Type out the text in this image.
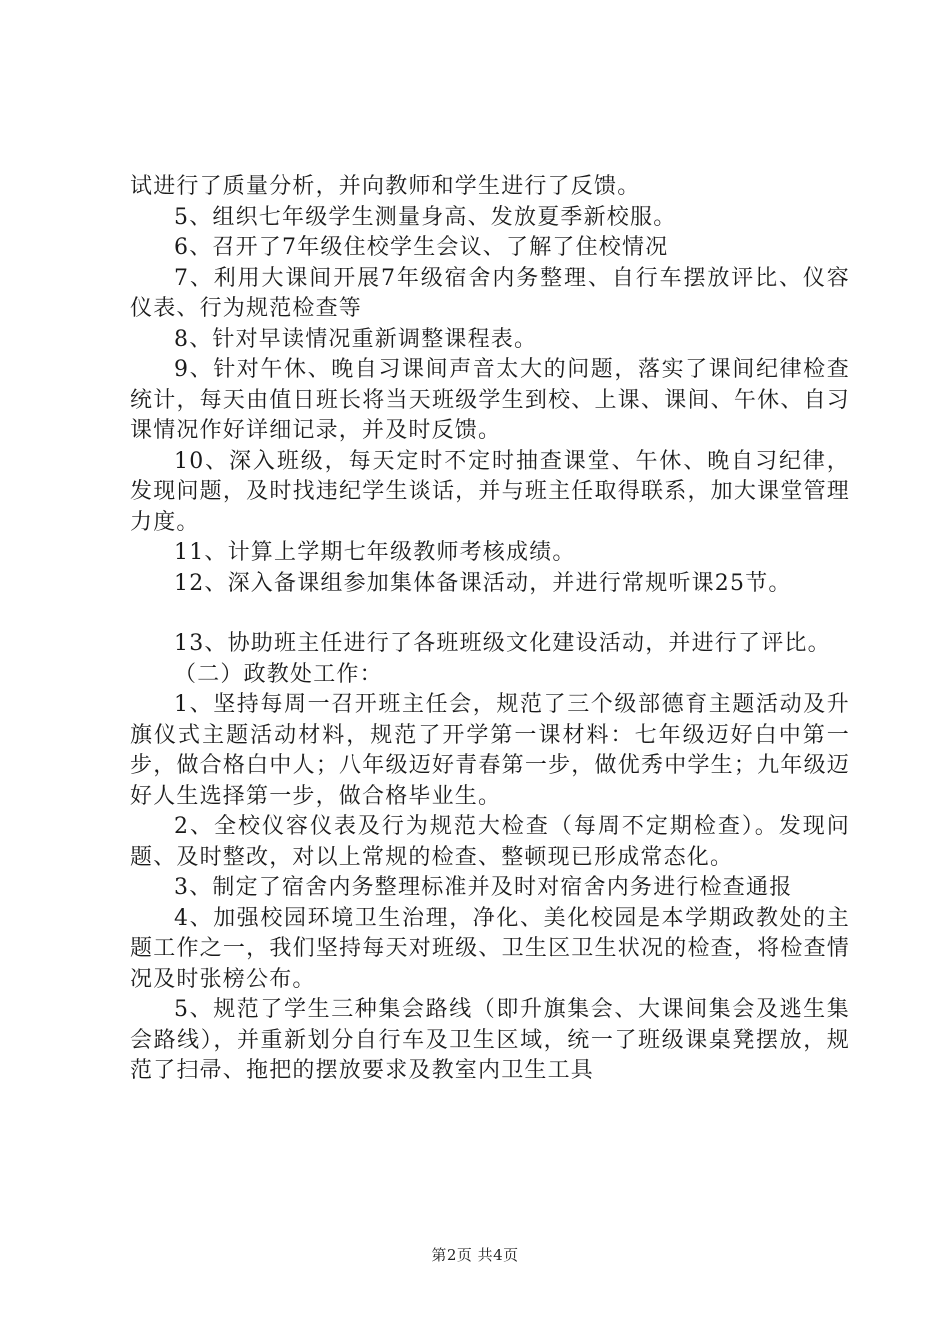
试进行了质量分析，并向教师和学生进行了反馈。

5、组织七年级学生测量身高、发放夏季新校服。

6、召开了7年级住校学生会议、了解了住校情况

7、利用大课间开展7年级宿舍内务整理、自行车摆放评比、仪容仪表、行为规范检查等

8、针对早读情况重新调整课程表。

9、针对午休、晚自习课间声音太大的问题，落实了课间纪律检查统计，每天由值日班长将当天班级学生到校、上课、课间、午休、自习课情况作好详细记录，并及时反馈。

10、深入班级，每天定时不定时抽查课堂、午休、晚自习纪律，发现问题，及时找违纪学生谈话，并与班主任取得联系，加大课堂管理力度。

11、计算上学期七年级教师考核成绩。

12、深入备课组参加集体备课活动，并进行常规听课25节。

13、协助班主任进行了各班班级文化建设活动，并进行了评比。

（二）政教处工作：

1、坚持每周一召开班主任会，规范了三个级部德育主题活动及升旗仪式主题活动材料，规范了开学第一课材料：七年级迈好白中第一步，做合格白中人；八年级迈好青春第一步，做优秀中学生；九年级迈好人生选择第一步，做合格毕业生。

2、全校仪容仪表及行为规范大检查（每周不定期检查）。发现问题、及时整改，对以上常规的检查、整顿现已形成常态化。

3、制定了宿舍内务整理标准并及时对宿舍内务进行检查通报

4、加强校园环境卫生治理，净化、美化校园是本学期政教处的主题工作之一，我们坚持每天对班级、卫生区卫生状况的检查，将检查情况及时张榜公布。

5、规范了学生三种集会路线（即升旗集会、大课间集会及逃生集会路线），并重新划分自行车及卫生区域，统一了班级课桌凳摆放，规范了扫帚、拖把的摆放要求及教室内卫生工具

第2页 共4页
